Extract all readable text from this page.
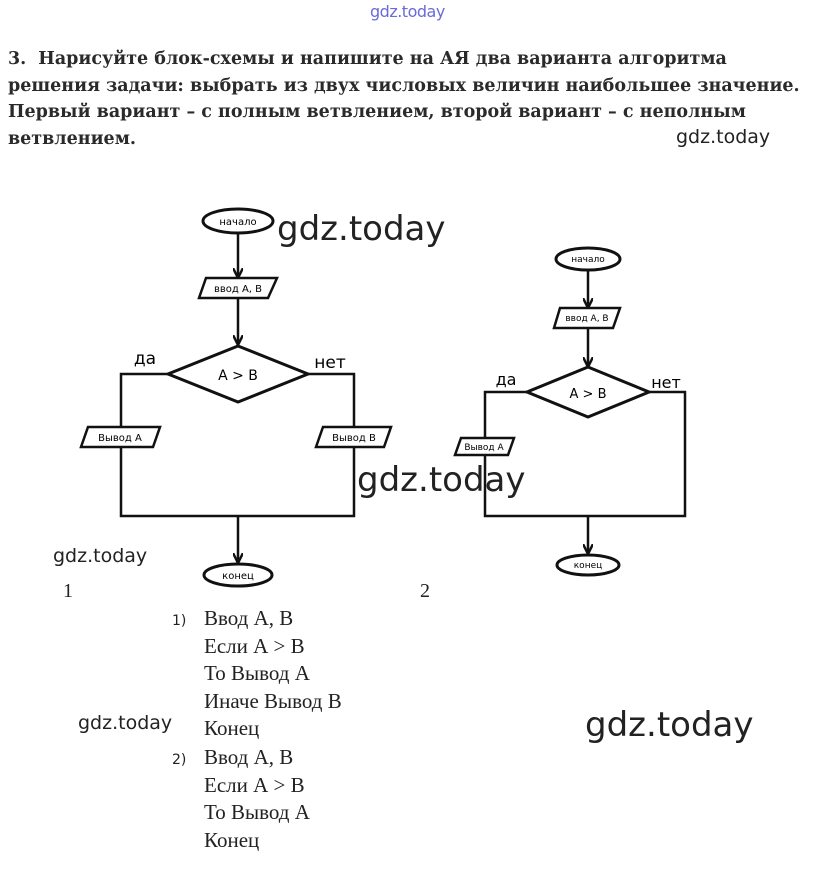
gdz.today
3. Нарисуйте блок-схемы и напишите на АЯ два варианта алгоритма решения задачи: выбрать из двух числовых величин наибольшее значение. Первый вариант – с полным ветвлением, второй вариант – с неполным ветвлением.	gdz.today
gdz.today
gdz.today
gdz.today
gdz.today	gdz.today
начало
ввод А, В
A > B
да	нет
Вывод А	Вывод В
конец
начало
ввод А, В
A > B
да	нет
Вывод А
конец
1	2
1) Ввод А, В
Если А > В
То Вывод А
Иначе Вывод В
Конец
2) Ввод А, В
Если А > В
То Вывод А
Конец
